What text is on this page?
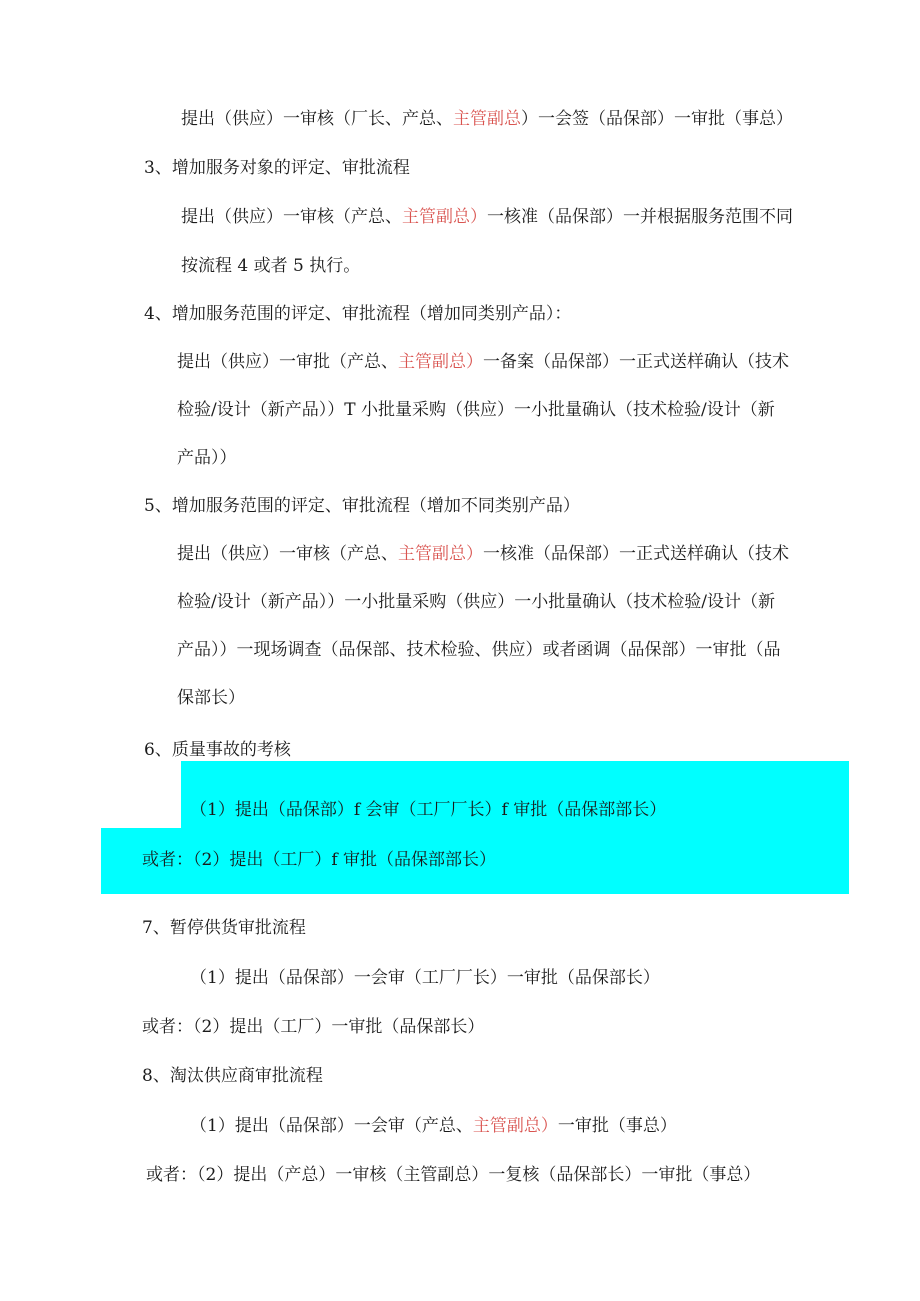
提出（供应）一审核（厂长、产总、主管副总）一会签（品保部）一审批（事总）
3、增加服务对象的评定、审批流程
提出（供应）一审核（产总、主管副总）一核准（品保部）一并根据服务范围不同
按流程 4 或者 5 执行。
4、增加服务范围的评定、审批流程（增加同类别产品）：
提出（供应）一审批（产总、主管副总）一备案（品保部）一正式送样确认（技术
检验/设计（新产品））T 小批量采购（供应）一小批量确认（技术检验/设计（新
产品））
5、增加服务范围的评定、审批流程（增加不同类别产品）
提出（供应）一审核（产总、主管副总）一核准（品保部）一正式送样确认（技术
检验/设计（新产品））一小批量采购（供应）一小批量确认（技术检验/设计（新
产品））一现场调查（品保部、技术检验、供应）或者函调（品保部）一审批（品
保部长）
6、质量事故的考核
（1）提出（品保部）f 会审（工厂厂长）f 审批（品保部部长）
或者：（2）提出（工厂）f 审批（品保部部长）
7、暂停供货审批流程
（1）提出（品保部）一会审（工厂厂长）一审批（品保部长）
或者：（2）提出（工厂）一审批（品保部长）
8、淘汰供应商审批流程
（1）提出（品保部）一会审（产总、主管副总）一审批（事总）
或者：（2）提出（产总）一审核（主管副总）一复核（品保部长）一审批（事总）
